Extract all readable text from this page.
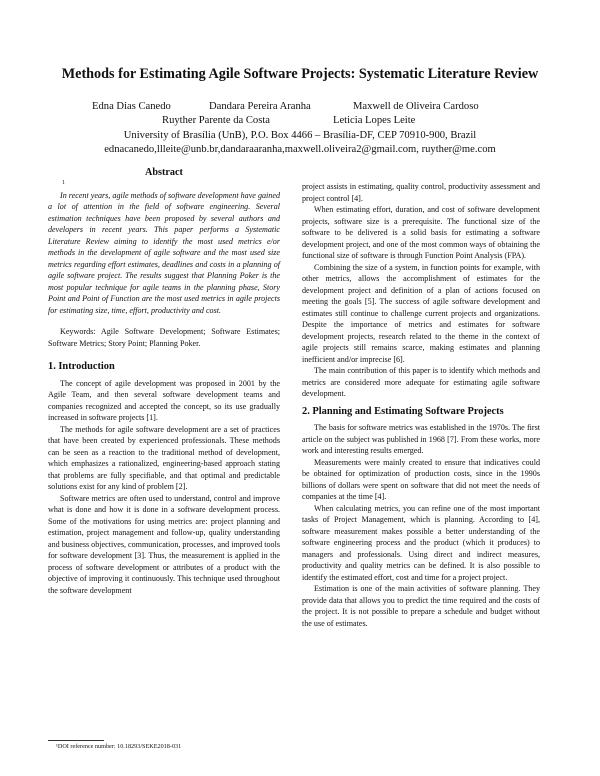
Methods for Estimating Agile Software Projects: Systematic Literature Review
Edna Dias Canedo	Dandara Pereira Aranha	Maxwell de Oliveira Cardoso
Ruyther Parente da Costa	Leticia Lopes Leite
University of Brasília (UnB), P.O. Box 4466 – Brasília-DF, CEP 70910-900, Brazil
ednacanedo,llleite@unb.br,dandaraaranha,maxwell.oliveira2@gmail.com, ruyther@me.com
1
Abstract

In recent years, agile methods of software development have gained a lot of attention in the field of software engineering. Several estimation techniques have been proposed by several authors and developers in recent years. This paper performs a Systematic Literature Review aiming to identify the most used metrics e/or methods in the development of agile software and the most used size metrics regarding effort estimates, deadlines and costs in a planning of agile software project. The results suggest that Planning Poker is the most popular technique for agile teams in the planning phase, Story Point and Point of Function are the most used metrics in agile projects for estimating size, time, effort, productivity and cost.

Keywords: Agile Software Development; Software Estimates; Software Metrics; Story Point; Planning Poker.

1. Introduction

The concept of agile development was proposed in 2001 by the Agile Team, and then several software development teams and companies recognized and accepted the concept, so its use gradually increased in software projects [1].

The methods for agile software development are a set of practices that have been created by experienced professionals. These methods can be seen as a reaction to the traditional method of development, which emphasizes a rationalized, engineering-based approach stating that problems are fully specifiable, and that optimal and predictable solutions exist for any kind of problem [2].

Software metrics are often used to understand, control and improve what is done and how it is done in a software development process. Some of the motivations for using metrics are: project planning and estimation, project management and follow-up, quality understanding and business objectives, communication, processes, and improved tools for software development [3]. Thus, the measurement is applied in the process of software development or attributes of a product with the objective of improving it continuously. This technique used throughout the software development

project assists in estimating, quality control, productivity assessment and project control [4].

When estimating effort, duration, and cost of software development projects, software size is a prerequisite. The functional size of the software to be delivered is a solid basis for estimating a software development project, and one of the most common ways of obtaining the functional size of software is through Function Point Analysis (FPA).

Combining the size of a system, in function points for example, with other metrics, allows the accomplishment of estimates for the development project and definition of a plan of actions focused on meeting the goals [5]. The success of agile software development and estimates still continue to challenge current projects and organizations. Despite the importance of metrics and estimates for software development projects, research related to the theme in the context of agile projects still remains scarce, making estimates and planning inefficient and/or imprecise [6].

The main contribution of this paper is to identify which methods and metrics are considered more adequate for estimating agile software development.

2. Planning and Estimating Software Projects

The basis for software metrics was established in the 1970s. The first article on the subject was published in 1968 [7]. From these works, more work and interesting results emerged.

Measurements were mainly created to ensure that indicatives could be obtained for optimization of production costs, since in the 1990s billions of dollars were spent on software that did not meet the needs of companies at the time [4].

When calculating metrics, you can refine one of the most important tasks of Project Management, which is planning. According to [4], software measurement makes possible a better understanding of the software engineering process and the product (which it produces) to managers and professionals. Using direct and indirect measures, productivity and quality metrics can be defined. It is also possible to identify the estimated effort, cost and time for a project project.

Estimation is one of the main activities of software planning. They provide data that allows you to predict the time required and the costs of the project. It is not possible to prepare a schedule and budget without the use of estimates.

¹DOI reference number: 10.18293/SEKE2018-031
